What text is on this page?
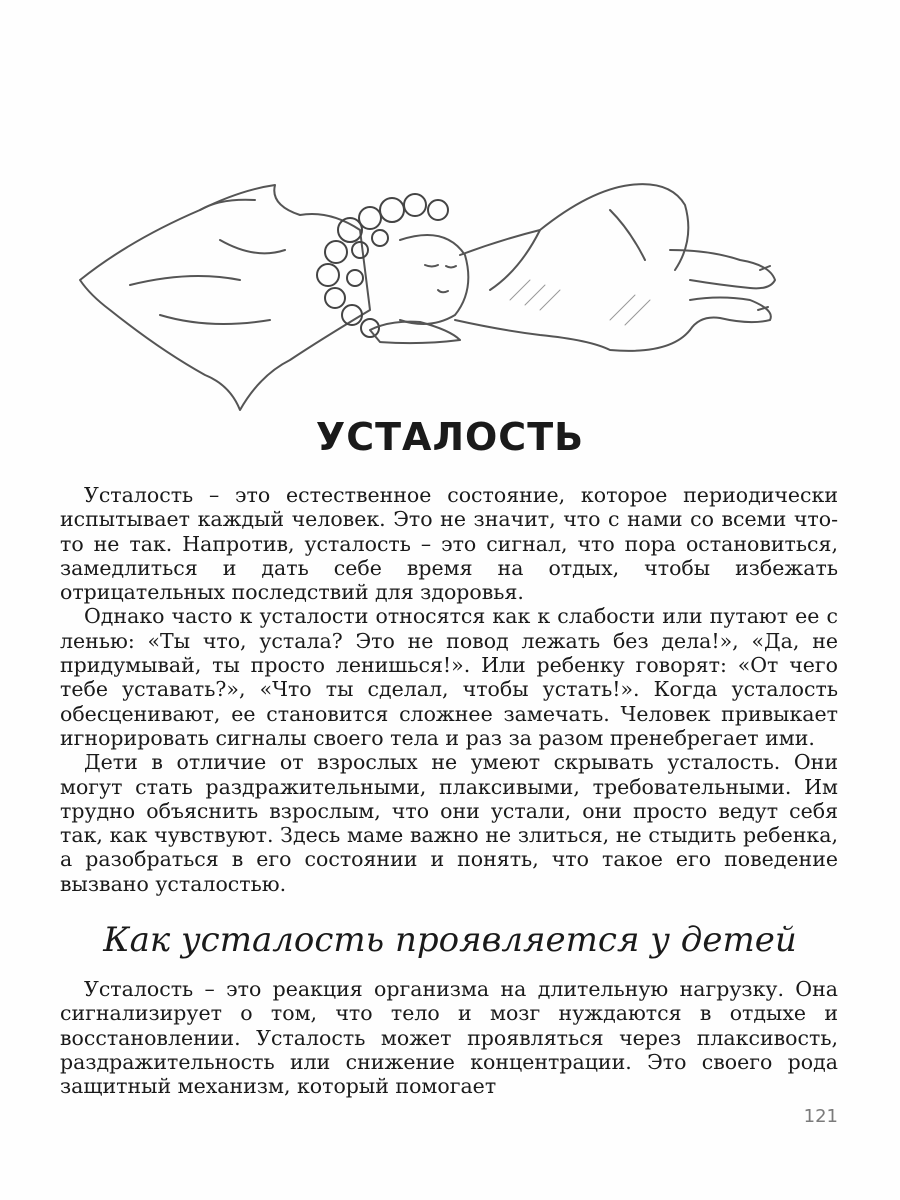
УСТАЛОСТЬ

Усталость – это естественное состояние, которое периодически испытывает каждый человек. Это не значит, что с нами со всеми что-то не так. Напротив, усталость – это сигнал, что пора остановиться, замедлиться и дать себе время на отдых, чтобы избежать отрицательных последствий для здоровья.

Однако часто к усталости относятся как к слабости или путают ее с ленью: «Ты что, устала? Это не повод лежать без дела!», «Да, не придумывай, ты просто ленишься!». Или ребенку говорят: «От чего тебе уставать?», «Что ты сделал, чтобы устать!». Когда усталость обесценивают, ее становится сложнее замечать. Человек привыкает игнорировать сигналы своего тела и раз за разом пренебрегает ими.

Дети в отличие от взрослых не умеют скрывать усталость. Они могут стать раздражительными, плаксивыми, требовательными. Им трудно объяснить взрослым, что они устали, они просто ведут себя так, как чувствуют. Здесь маме важно не злиться, не стыдить ребенка, а разобраться в его состоянии и понять, что такое его поведение вызвано усталостью.

Как усталость проявляется у детей

Усталость – это реакция организма на длительную нагрузку. Она сигнализирует о том, что тело и мозг нуждаются в отдыхе и восстановлении. Усталость может проявляться через плаксивость, раздражительность или снижение концентрации. Это своего рода защитный механизм, который помогает

121
